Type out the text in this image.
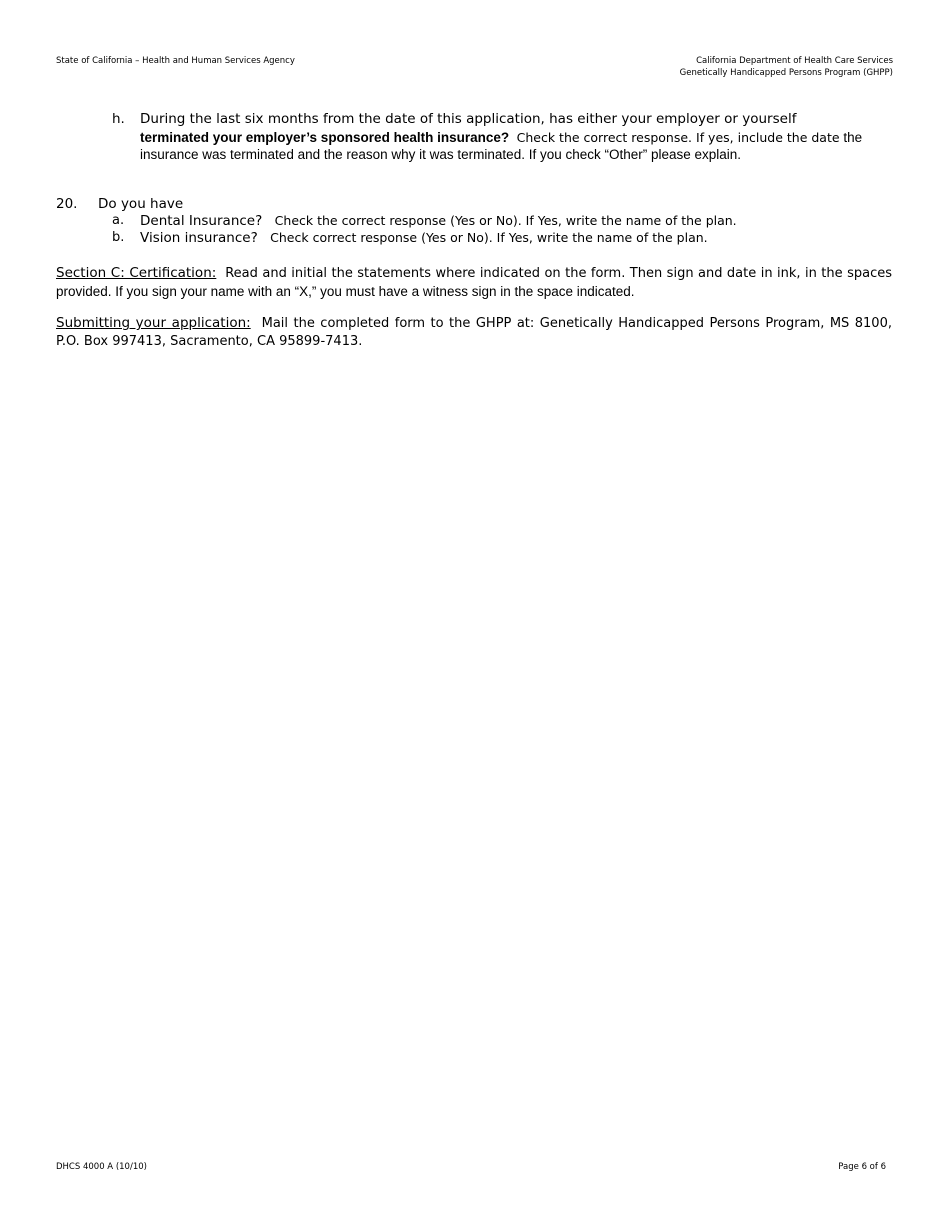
State of California – Health and Human Services Agency	California Department of Health Care Services
Genetically Handicapped Persons Program (GHPP)
h. During the last six months from the date of this application, has either your employer or yourself
terminated your employer’s sponsored health insurance? Check the correct response. If yes, include the date the insurance was terminated and the reason why it was terminated. If you check “Other” please explain.
20. Do you have
a. Dental Insurance? Check the correct response (Yes or No). If Yes, write the name of the plan.
b. Vision insurance? Check correct response (Yes or No). If Yes, write the name of the plan.
Section C: Certification: Read and initial the statements where indicated on the form. Then sign and date in ink, in the spaces provided. If you sign your name with an “X,” you must have a witness sign in the space indicated.
Submitting your application: Mail the completed form to the GHPP at: Genetically Handicapped Persons Program, MS 8100, P.O. Box 997413, Sacramento, CA 95899-7413.
DHCS 4000 A (10/10)	Page 6 of 6
